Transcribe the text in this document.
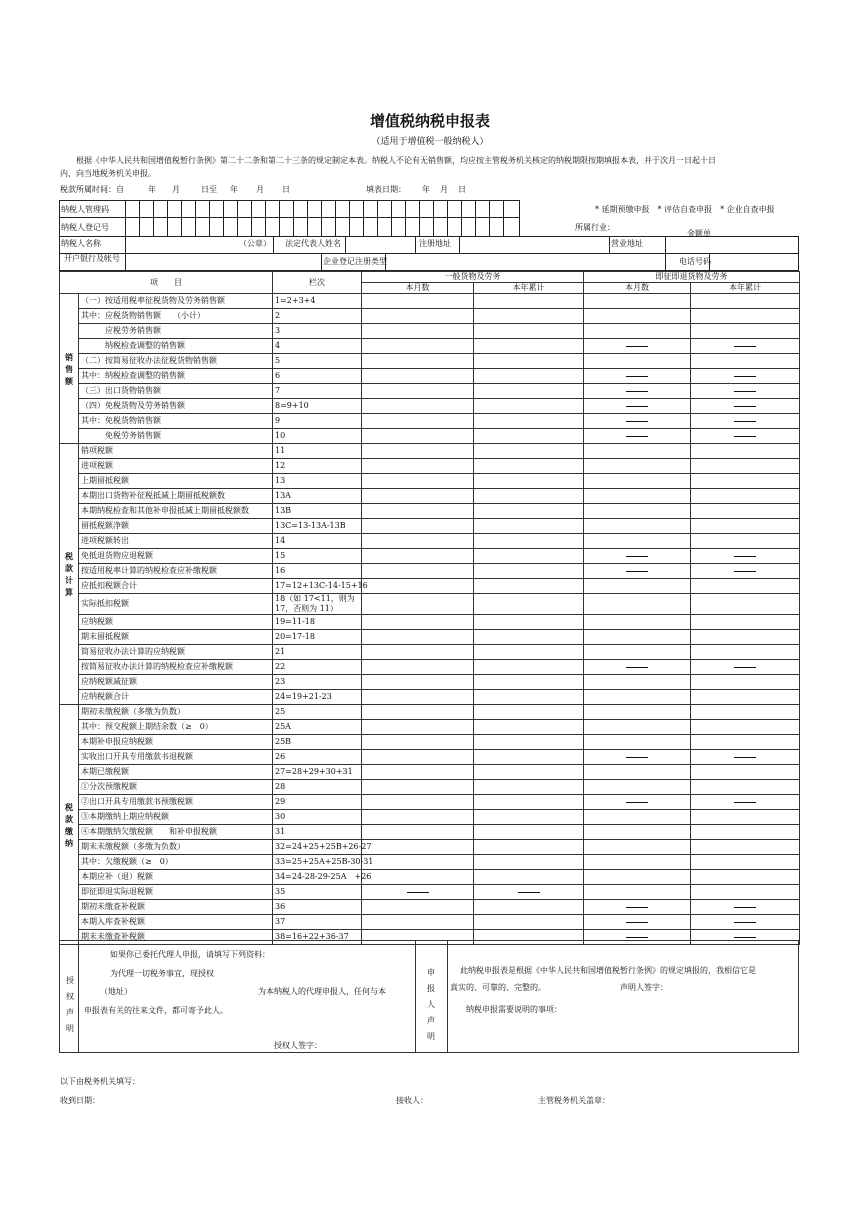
增值税纳税申报表
（适用于增值税一般纳税人）
根据《中华人民共和国增值税暂行条例》第二十二条和第二十三条的规定制定本表。纳税人不论有无销售额，均应按主管税务机关核定的纳税期限按期填报本表，并于次月一日起十日内，向当地税务机关申报。
税款所属时间：自	年 月	日至 年 月 日	填表日期： 年 月 日
纳税人管理码
纳税人登记号
* 延期预缴申报　* 评估自查申报　* 企业自查申报
所属行业：
金额单
纳税人名称	（公章） 法定代表人姓名	注册地址	营业地址
开户银行及帐号	企业登记注册类型	电话号码
项　　目		栏次	一般货物及劳务		即征即退货物及劳务	
			本月数	本年累计	本月数	本年累计
销售额	（一）按适用税率征税货物及劳务销售额	1=2+3+4				
	其中：应税货物销售额　　（小计）	2				
	　　　应税劳务销售额	3				
	　　　纳税检查调整的销售额	4				
	（二）按简易征收办法征税货物销售额	5				
	其中：纳税检查调整的销售额	6				
	（三）出口货物销售额	7				
	（四）免税货物及劳务销售额	8=9+10				
	其中：免税货物销售额	9				
	　　　免税劳务销售额	10				
税款计算	销项税额	11				
	进项税额	12				
	上期留抵税额	13				
	本期出口货物补征税抵减上期留抵税额数	13A				
	本期纳税检查和其他补申报抵减上期留抵税额数	13B				
	留抵税额净额	13C=13-13A-13B				
	进项税额转出	14				
	免抵退货物应退税额	15				
	按适用税率计算的纳税检查应补缴税额	16				
	应抵扣税额合计	17=12+13C-14-15+16				
	实际抵扣税额	18（如 17<11，则为 17，否则为 11）				
	应纳税额	19=11-18				
	期末留抵税额	20=17-18				
	简易征收办法计算的应纳税额	21				
	按简易征收办法计算的纳税检查应补缴税额	22				
	应纳税额减征额	23				
	应纳税额合计	24=19+21-23				
税款缴纳	期初未缴税额（多缴为负数）	25				
	其中：预交税额上期结余数（≥　0）	25A				
	本期补申报应纳税额	25B				
	实收出口开具专用缴款书退税额	26				
	本期已缴税额	27=28+29+30+31				
	①分次预缴税额	28				
	②出口开具专用缴款书预缴税额	29				
	③本期缴纳上期应纳税额	30				
	④本期缴纳欠缴税额　　和补申报税额	31				
	期末未缴税额（多缴为负数）	32=24+25+25B+26-27				
	其中：欠缴税额（≥　0）	33=25+25A+25B-30-31				
	本期应补（退）税额	34=24-28-29-25A　+26				
	即征即退实际退税额	35				
	期初未缴查补税额	36				
	本期入库查补税额	37				
	期末未缴查补税额	38=16+22+36-37				
授权声明
如果你已委托代理人申报，请填写下列资料：
为代理一切税务事宜，现授权
（地址）	为本纳税人的代理申报人，任何与本
申报表有关的往来文件，都可寄予此人。
授权人签字：
申报人声明
此纳税申报表是根据《中华人民共和国增值税暂行条例》的规定填报的，我相信它是
真实的、可靠的、完整的。	声明人签字：
纳税申报需要说明的事项：
以下由税务机关填写：
收到日期：	接收人：	主管税务机关盖章：
